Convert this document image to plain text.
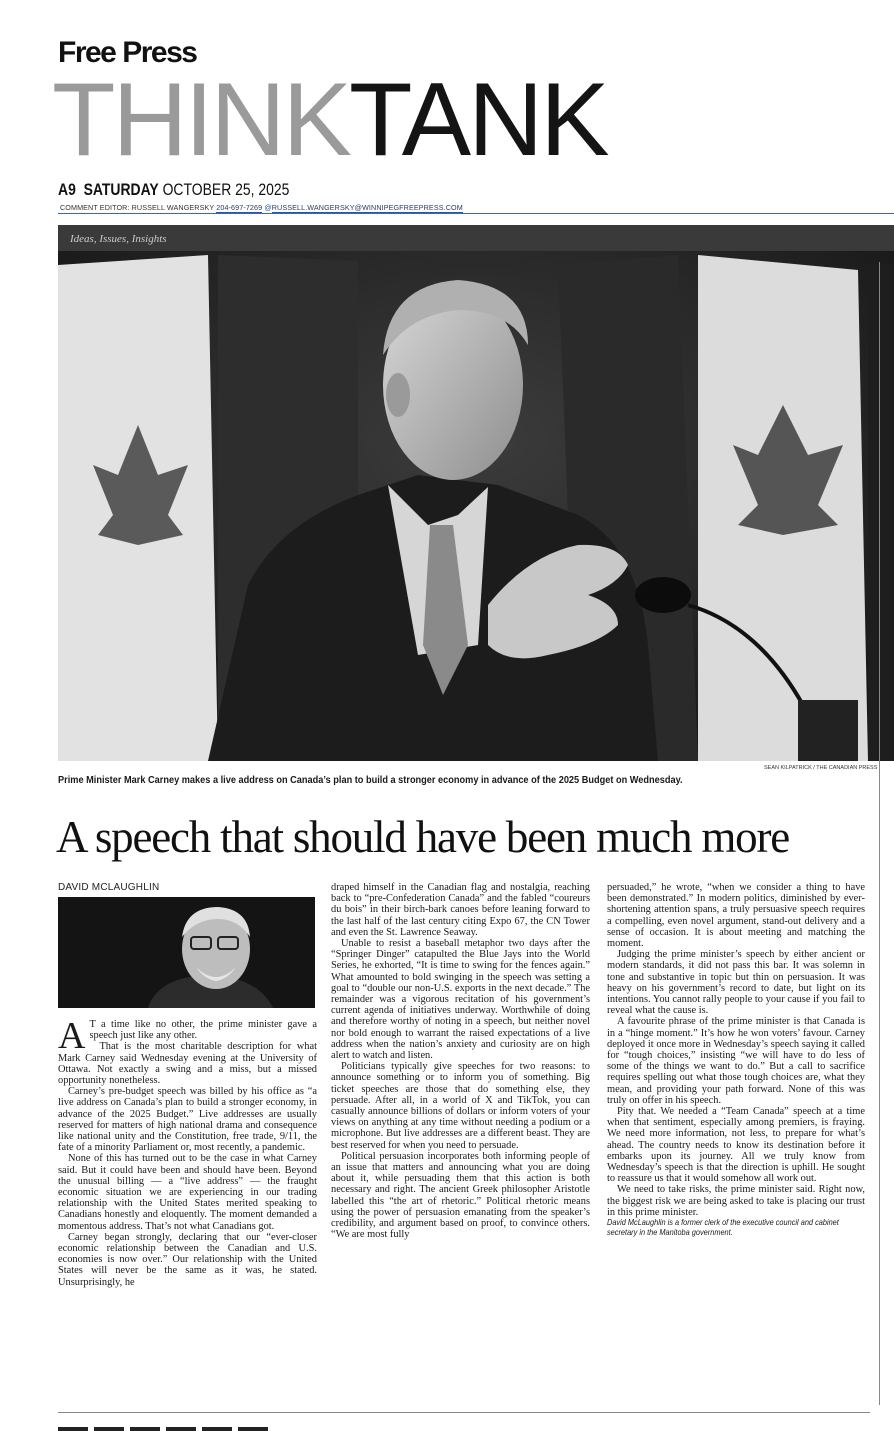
Free Press
THINKTANK
A9 SATURDAY OCTOBER 25, 2025
COMMENT EDITOR: RUSSELL WANGERSKY 204-697-7269 @RUSSELL.WANGERSKY@WINNIPEGFREEPRESS.COM
Ideas, Issues, Insights
SEAN KILPATRICK / THE CANADIAN PRESS
Prime Minister Mark Carney makes a live address on Canada’s plan to build a stronger economy in advance of the 2025 Budget on Wednesday.
A speech that should have been much more
DAVID MCLAUGHLIN

A T a time like no other, the prime minister gave a speech just like any other.

That is the most charitable description for what Mark Carney said Wednesday evening at the University of Ottawa. Not exactly a swing and a miss, but a missed opportunity nonetheless.

Carney’s pre-budget speech was billed by his office as “a live address on Canada’s plan to build a stronger economy, in advance of the 2025 Budget.” Live addresses are usually reserved for matters of high national drama and consequence like national unity and the Constitution, free trade, 9/11, the fate of a minority Parliament or, most recently, a pandemic.

None of this has turned out to be the case in what Carney said. But it could have been and should have been. Beyond the unusual billing — a “live address” — the fraught economic situation we are experiencing in our trading relationship with the United States merited speaking to Canadians honestly and eloquently. The moment demanded a momentous address. That’s not what Canadians got.

Carney began strongly, declaring that our “ever-closer economic relationship between the Canadian and U.S. economies is now over.” Our relationship with the United States will never be the same as it was, he stated. Unsurprisingly, he

draped himself in the Canadian flag and nostalgia, reaching back to “pre-Confederation Canada” and the fabled “coureurs du bois” in their birch-bark canoes before leaning forward to the last half of the last century citing Expo 67, the CN Tower and even the St. Lawrence Seaway.

Unable to resist a baseball metaphor two days after the “Springer Dinger” catapulted the Blue Jays into the World Series, he exhorted, “It is time to swing for the fences again.” What amounted to bold swinging in the speech was setting a goal to “double our non-U.S. exports in the next decade.” The remainder was a vigorous recitation of his government’s current agenda of initiatives underway. Worthwhile of doing and therefore worthy of noting in a speech, but neither novel nor bold enough to warrant the raised expectations of a live address when the nation’s anxiety and curiosity are on high alert to watch and listen.

Politicians typically give speeches for two reasons: to announce something or to inform you of something. Big ticket speeches are those that do something else, they persuade. After all, in a world of X and TikTok, you can casually announce billions of dollars or inform voters of your views on anything at any time without needing a podium or a microphone. But live addresses are a different beast. They are best reserved for when you need to persuade.

Political persuasion incorporates both informing people of an issue that matters and announcing what you are doing about it, while persuading them that this action is both necessary and right. The ancient Greek philosopher Aristotle labelled this “the art of rhetoric.” Political rhetoric means using the power of persuasion emanating from the speaker’s credibility, and argument based on proof, to convince others. “We are most fully

persuaded,” he wrote, “when we consider a thing to have been demonstrated.” In modern politics, diminished by ever-shortening attention spans, a truly persuasive speech requires a compelling, even novel argument, stand-out delivery and a sense of occasion. It is about meeting and matching the moment.

Judging the prime minister’s speech by either ancient or modern standards, it did not pass this bar. It was solemn in tone and substantive in topic but thin on persuasion. It was heavy on his government’s record to date, but light on its intentions. You cannot rally people to your cause if you fail to reveal what the cause is.

A favourite phrase of the prime minister is that Canada is in a “hinge moment.” It’s how he won voters’ favour. Carney deployed it once more in Wednesday’s speech saying it called for “tough choices,” insisting “we will have to do less of some of the things we want to do.” But a call to sacrifice requires spelling out what those tough choices are, what they mean, and providing your path forward. None of this was truly on offer in his speech.

Pity that. We needed a “Team Canada” speech at a time when that sentiment, especially among premiers, is fraying. We need more information, not less, to prepare for what’s ahead. The country needs to know its destination before it embarks upon its journey. All we truly know from Wednesday’s speech is that the direction is uphill. He sought to reassure us that it would somehow all work out.

We need to take risks, the prime minister said. Right now, the biggest risk we are being asked to take is placing our trust in this prime minister.

David McLaughlin is a former clerk of the executive council and cabinet secretary in the Manitoba government.
